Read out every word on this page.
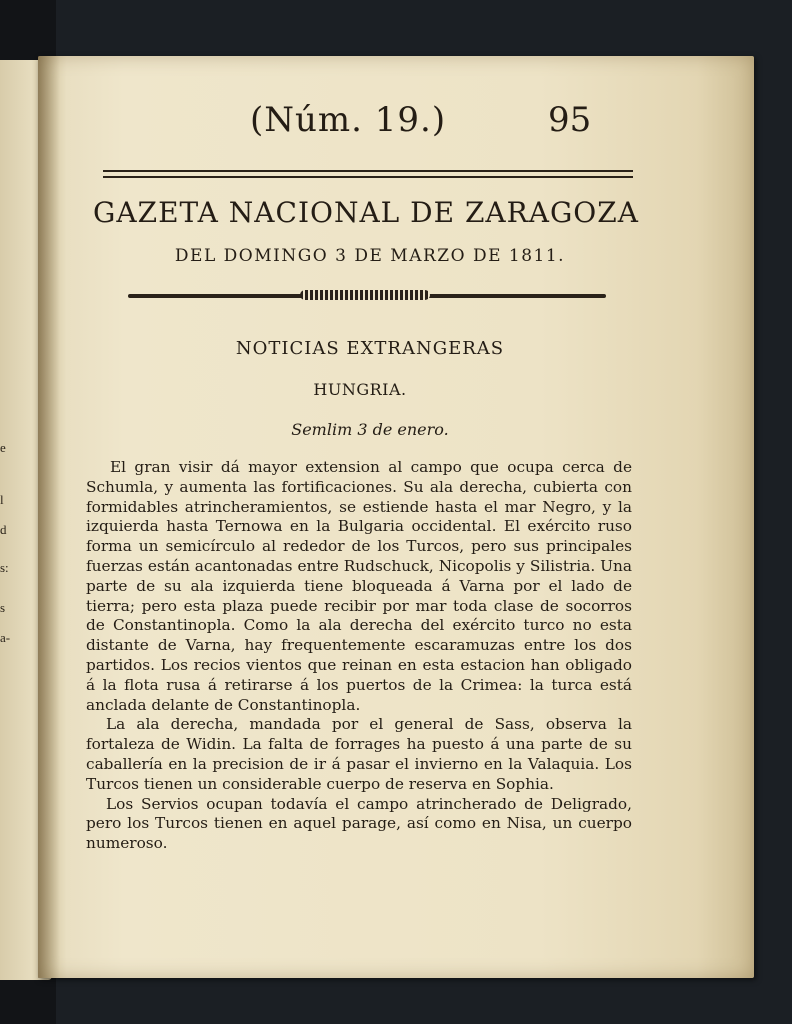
e
l
d
s:
s
a-
(Núm. 19.)	95
GAZETA NACIONAL DE ZARAGOZA
DEL DOMINGO 3 DE MARZO DE 1811.
NOTICIAS EXTRANGERAS
HUNGRIA.
Semlim 3 de enero.

El gran visir dá mayor extension al campo que ocupa cerca de Schumla, y aumenta las fortificaciones. Su ala derecha, cubierta con formidables atrincheramientos, se estiende hasta el mar Negro, y la izquierda hasta Ternowa en la Bulgaria occidental. El exército ruso forma un semicírculo al rededor de los Turcos, pero sus principales fuerzas están acantonadas entre Rudschuck, Nicopolis y Silistria. Una parte de su ala izquierda tiene bloqueada á Varna por el lado de tierra; pero esta plaza puede recibir por mar toda clase de socorros de Constantinopla. Como la ala derecha del exército turco no esta distante de Varna, hay frequentemente escaramuzas entre los dos partidos. Los recios vientos que reinan en esta estacion han obligado á la flota rusa á retirarse á los puertos de la Crimea: la turca está anclada delante de Constantinopla.

La ala derecha, mandada por el general de Sass, observa la fortaleza de Widin. La falta de forrages ha puesto á una parte de su caballería en la precision de ir á pasar el invierno en la Valaquia. Los Turcos tienen un considerable cuerpo de reserva en Sophia.

Los Servios ocupan todavía el campo atrincherado de Deligrado, pero los Turcos tienen en aquel parage, así como en Nisa, un cuerpo numeroso.
